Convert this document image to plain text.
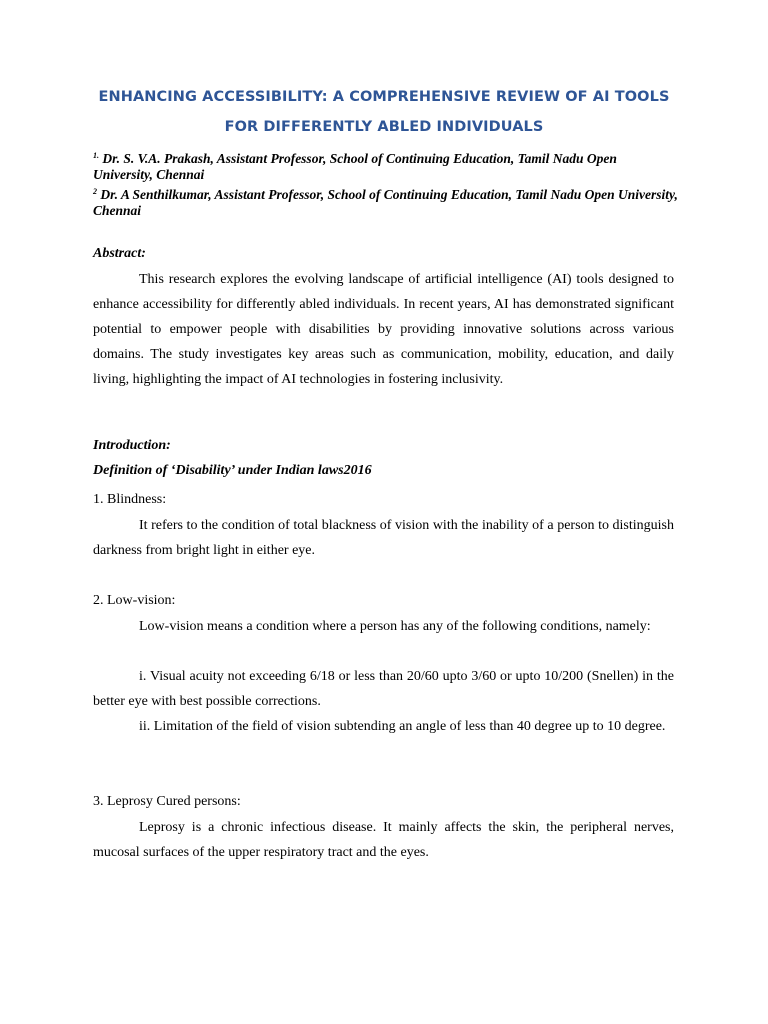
ENHANCING ACCESSIBILITY: A COMPREHENSIVE REVIEW OF AI TOOLS
FOR DIFFERENTLY ABLED INDIVIDUALS
$^{1.}$ Dr. S. V.A. Prakash, Assistant Professor, School of Continuing Education, Tamil Nadu Open University, Chennai
$^2$ Dr. A Senthilkumar, Assistant Professor, School of Continuing Education, Tamil Nadu Open University, Chennai
Abstract:
This research explores the evolving landscape of artificial intelligence (AI) tools designed to enhance accessibility for differently abled individuals. In recent years, AI has demonstrated significant potential to empower people with disabilities by providing innovative solutions across various domains. The study investigates key areas such as communication, mobility, education, and daily living, highlighting the impact of AI technologies in fostering inclusivity.
Introduction:
Definition of ‘Disability’ under Indian laws2016
1. Blindness:
It refers to the condition of total blackness of vision with the inability of a person to distinguish darkness from bright light in either eye.
2. Low-vision:
Low-vision means a condition where a person has any of the following conditions, namely:
i. Visual acuity not exceeding 6/18 or less than 20/60 upto 3/60 or upto 10/200 (Snellen) in the better eye with best possible corrections.
ii. Limitation of the field of vision subtending an angle of less than 40 degree up to 10 degree.
3. Leprosy Cured persons:
Leprosy is a chronic infectious disease. It mainly affects the skin, the peripheral nerves, mucosal surfaces of the upper respiratory tract and the eyes.
